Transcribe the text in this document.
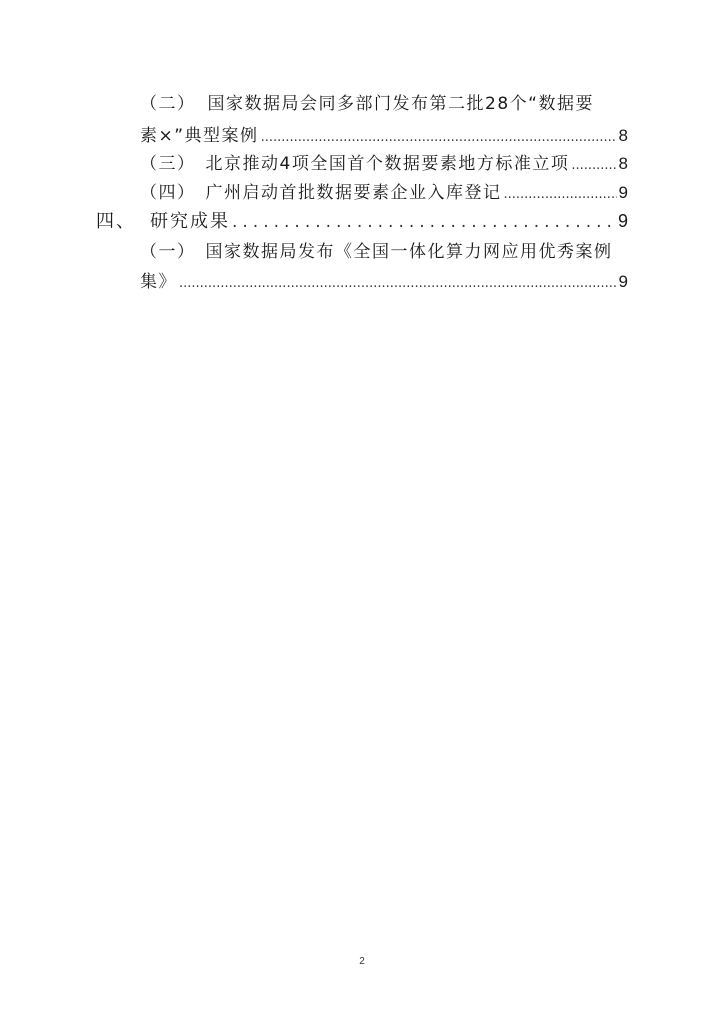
（二） 国家数据局会同多部门发布第二批28个“数据要
素×”典型案例 .....	8
（三） 北京推动4项全国首个数据要素地方标准立项 .....	8
（四） 广州启动首批数据要素企业入库登记 .....	9
四、 研究成果 .....	9
（一） 国家数据局发布《全国一体化算力网应用优秀案例
集》 .....	9
2
